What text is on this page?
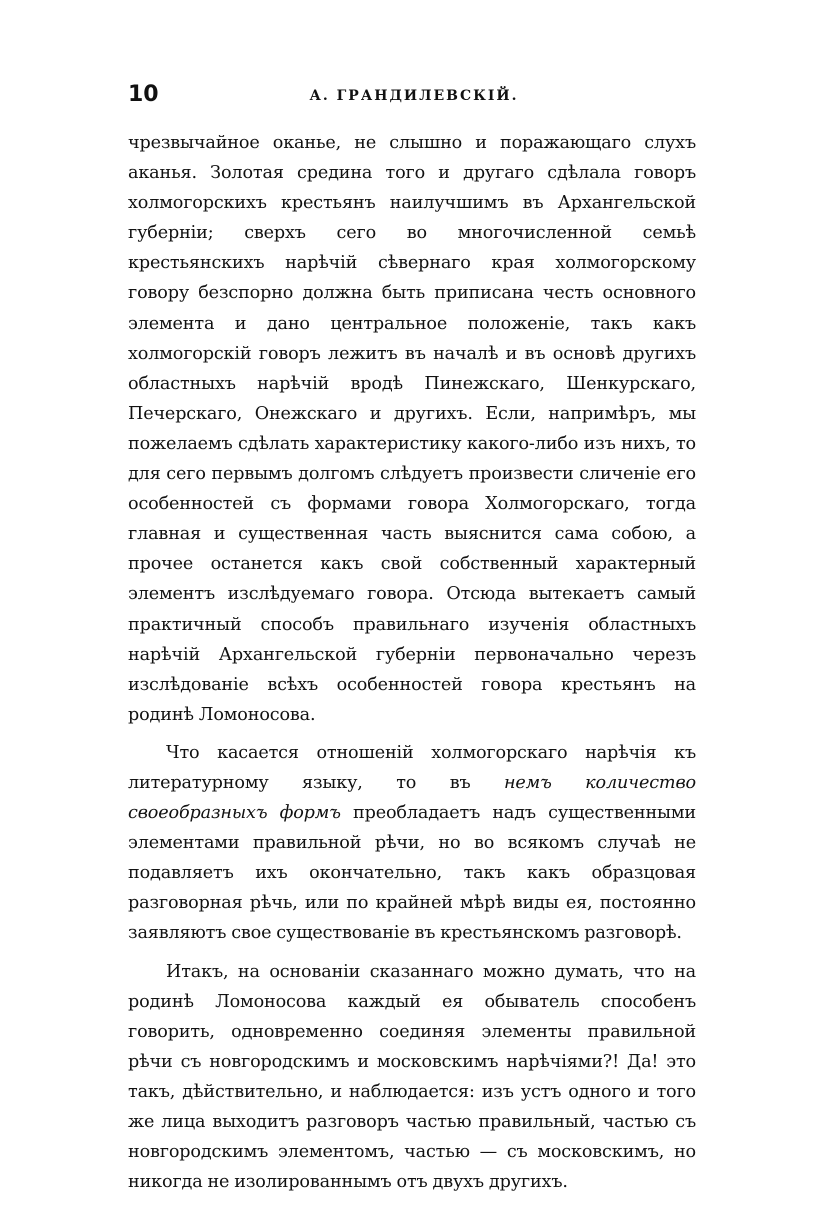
10	А. ГРАНДИЛЕВСКІЙ.

чрезвычайное оканье, не слышно и поражающаго слухъ аканья. Золотая средина того и другаго сдѣлала говоръ холмогорскихъ крестьянъ наилучшимъ въ Архангельской губерніи; сверхъ сего во многочисленной семьѣ крестьянскихъ нарѣчій сѣвернаго края холмогорскому говору безспорно должна быть приписана честь основного элемента и дано центральное положеніе, такъ какъ холмогорскій говоръ лежитъ въ началѣ и въ основѣ другихъ областныхъ нарѣчій вродѣ Пинежскаго, Шенкурскаго, Печерскаго, Онежскаго и другихъ. Если, напримѣръ, мы пожелаемъ сдѣлать характеристику какого-либо изъ нихъ, то для сего первымъ долгомъ слѣдуетъ произвести сличеніе его особенностей съ формами говора Холмогорскаго, тогда главная и существенная часть выяснится сама собою, а прочее останется какъ свой собственный характерный элементъ изслѣдуемаго говора. Отсюда вытекаетъ самый практичный способъ правильнаго изученія областныхъ нарѣчій Архангельской губерніи первоначально черезъ изслѣдованіе всѣхъ особенностей говора крестьянъ на родинѣ Ломоносова.

Что касается отношеній холмогорскаго нарѣчія къ литературному языку, то въ немъ количество своеобразныхъ формъ преобладаетъ надъ существенными элементами правильной рѣчи, но во всякомъ случаѣ не подавляетъ ихъ окончательно, такъ какъ образцовая разговорная рѣчь, или по крайней мѣрѣ виды ея, постоянно заявляютъ свое существованіе въ крестьянскомъ разговорѣ.

Итакъ, на основаніи сказаннаго можно думать, что на родинѣ Ломоносова каждый ея обыватель способенъ говорить, одновременно соединяя элементы правильной рѣчи съ новгородскимъ и московскимъ нарѣчіями?! Да! это такъ, дѣйствительно, и наблюдается: изъ устъ одного и того же лица выходитъ разговоръ частью правильный, частью съ новгородскимъ элементомъ, частью — съ московскимъ, но никогда не изолированнымъ отъ двухъ другихъ.
